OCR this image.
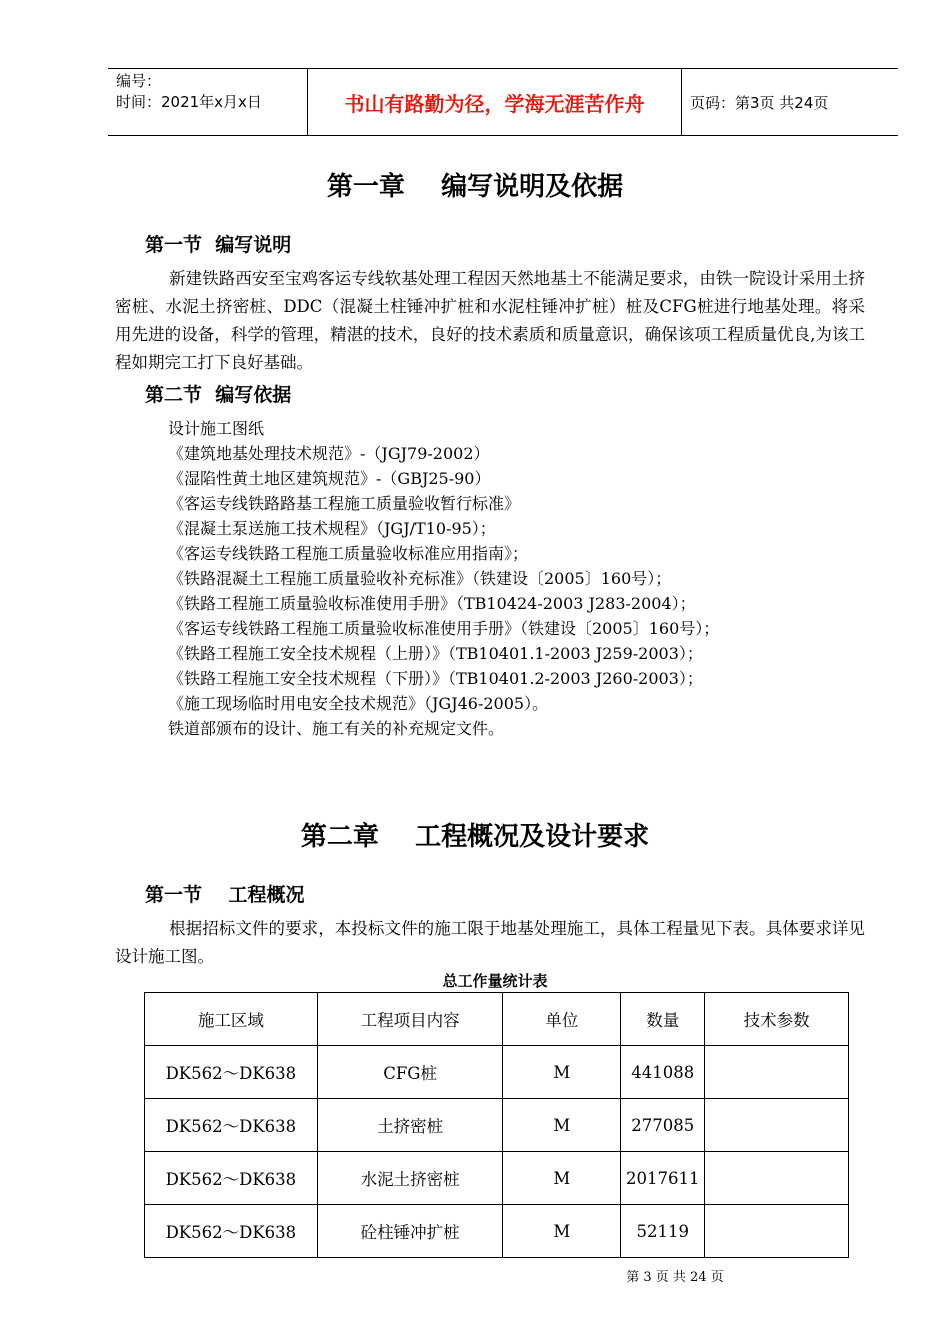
编号：
时间：2021年x月x日	书山有路勤为径，学海无涯苦作舟	页码：第3页 共24页
第一章    编写说明及依据
第一节  编写说明

新建铁路西安至宝鸡客运专线软基处理工程因天然地基土不能满足要求，由铁一院设计采用土挤密桩、水泥土挤密桩、DDC（混凝土柱锤冲扩桩和水泥柱锤冲扩桩）桩及CFG桩进行地基处理。将采用先进的设备，科学的管理，精湛的技术，良好的技术素质和质量意识，确保该项工程质量优良,为该工程如期完工打下良好基础。

第二节  编写依据
设计施工图纸
《建筑地基处理技术规范》-（JGJ79-2002）
《湿陷性黄土地区建筑规范》-（GBJ25-90）
《客运专线铁路路基工程施工质量验收暂行标准》
《混凝土泵送施工技术规程》（JGJ/T10-95）；
《客运专线铁路工程施工质量验收标准应用指南》；
《铁路混凝土工程施工质量验收补充标准》（铁建设〔2005〕160号）；
《铁路工程施工质量验收标准使用手册》（TB10424-2003 J283-2004）；
《客运专线铁路工程施工质量验收标准使用手册》（铁建设〔2005〕160号）；
《铁路工程施工安全技术规程（上册）》（TB10401.1-2003 J259-2003）；
《铁路工程施工安全技术规程（下册）》（TB10401.2-2003 J260-2003）；
《施工现场临时用电安全技术规范》（JGJ46-2005）。
铁道部颁布的设计、施工有关的补充规定文件。
第二章    工程概况及设计要求
第一节    工程概况

根据招标文件的要求，本投标文件的施工限于地基处理施工，具体工程量见下表。具体要求详见设计施工图。

总工作量统计表
施工区域	工程项目内容	单位	数量	技术参数
DK562～DK638	CFG桩	M	441088	
DK562～DK638	土挤密桩	M	277085	
DK562～DK638	水泥土挤密桩	M	2017611	
DK562～DK638	砼柱锤冲扩桩	M	52119	
第 3 页 共 24 页
